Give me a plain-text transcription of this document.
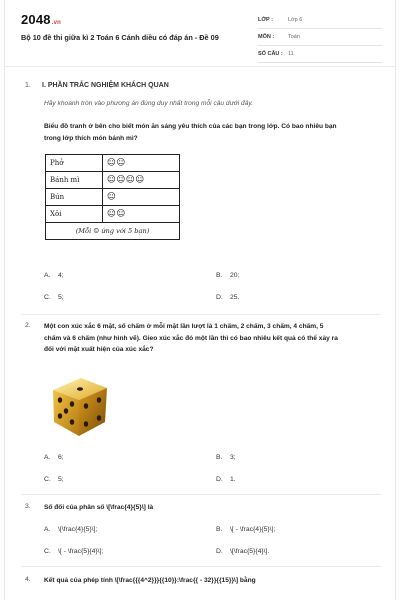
2048.vn
Bộ 10 đề thi giữa kì 2 Toán 6 Cánh diều có đáp án - Đề 09
LỚP :	Lớp 6
MÔN :	Toán
SỐ CÂU : 11
1. I. PHẦN TRẮC NGHIỆM KHÁCH QUAN
Hãy khoanh tròn vào phương án đúng duy nhất trong mỗi câu dưới đây.
Biểu đồ tranh ở bên cho biết món ăn sáng yêu thích của các bạn trong lớp. Có bao nhiêu bạn
trong lớp thích món bánh mì?
Phở	☺☺
Bánh mì	☺☺☺☺
Bún	☺
Xôi	☺☺
(Mỗi ☺ ứng với 5 bạn)	
A. 4;	B. 20;
C. 5;	D. 25.
2. Một con xúc xắc 6 mặt, số chấm ở mỗi mặt lần lượt là 1 chấm, 2 chấm, 3 chấm, 4 chấm, 5
chấm và 6 chấm (như hình vẽ). Gieo xúc xắc đó một lần thì có bao nhiêu kết quả có thể xảy ra
đối với mặt xuất hiện của xúc xắc?
A. 6;	B. 3;
C. 5;	D. 1.
3. Số đối của phân số \[\frac{4}{5}\] là
A. \[\frac{4}{5}\];	B. \[ - \frac{4}{5}\];
C. \[ - \frac{5}{4}\];	D. \[\frac{5}{4}\].
4. Kết quả của phép tính \[\frac{{{4^2}}}{{10}}:\frac{{ - 32}}{{15}}\] bằng
